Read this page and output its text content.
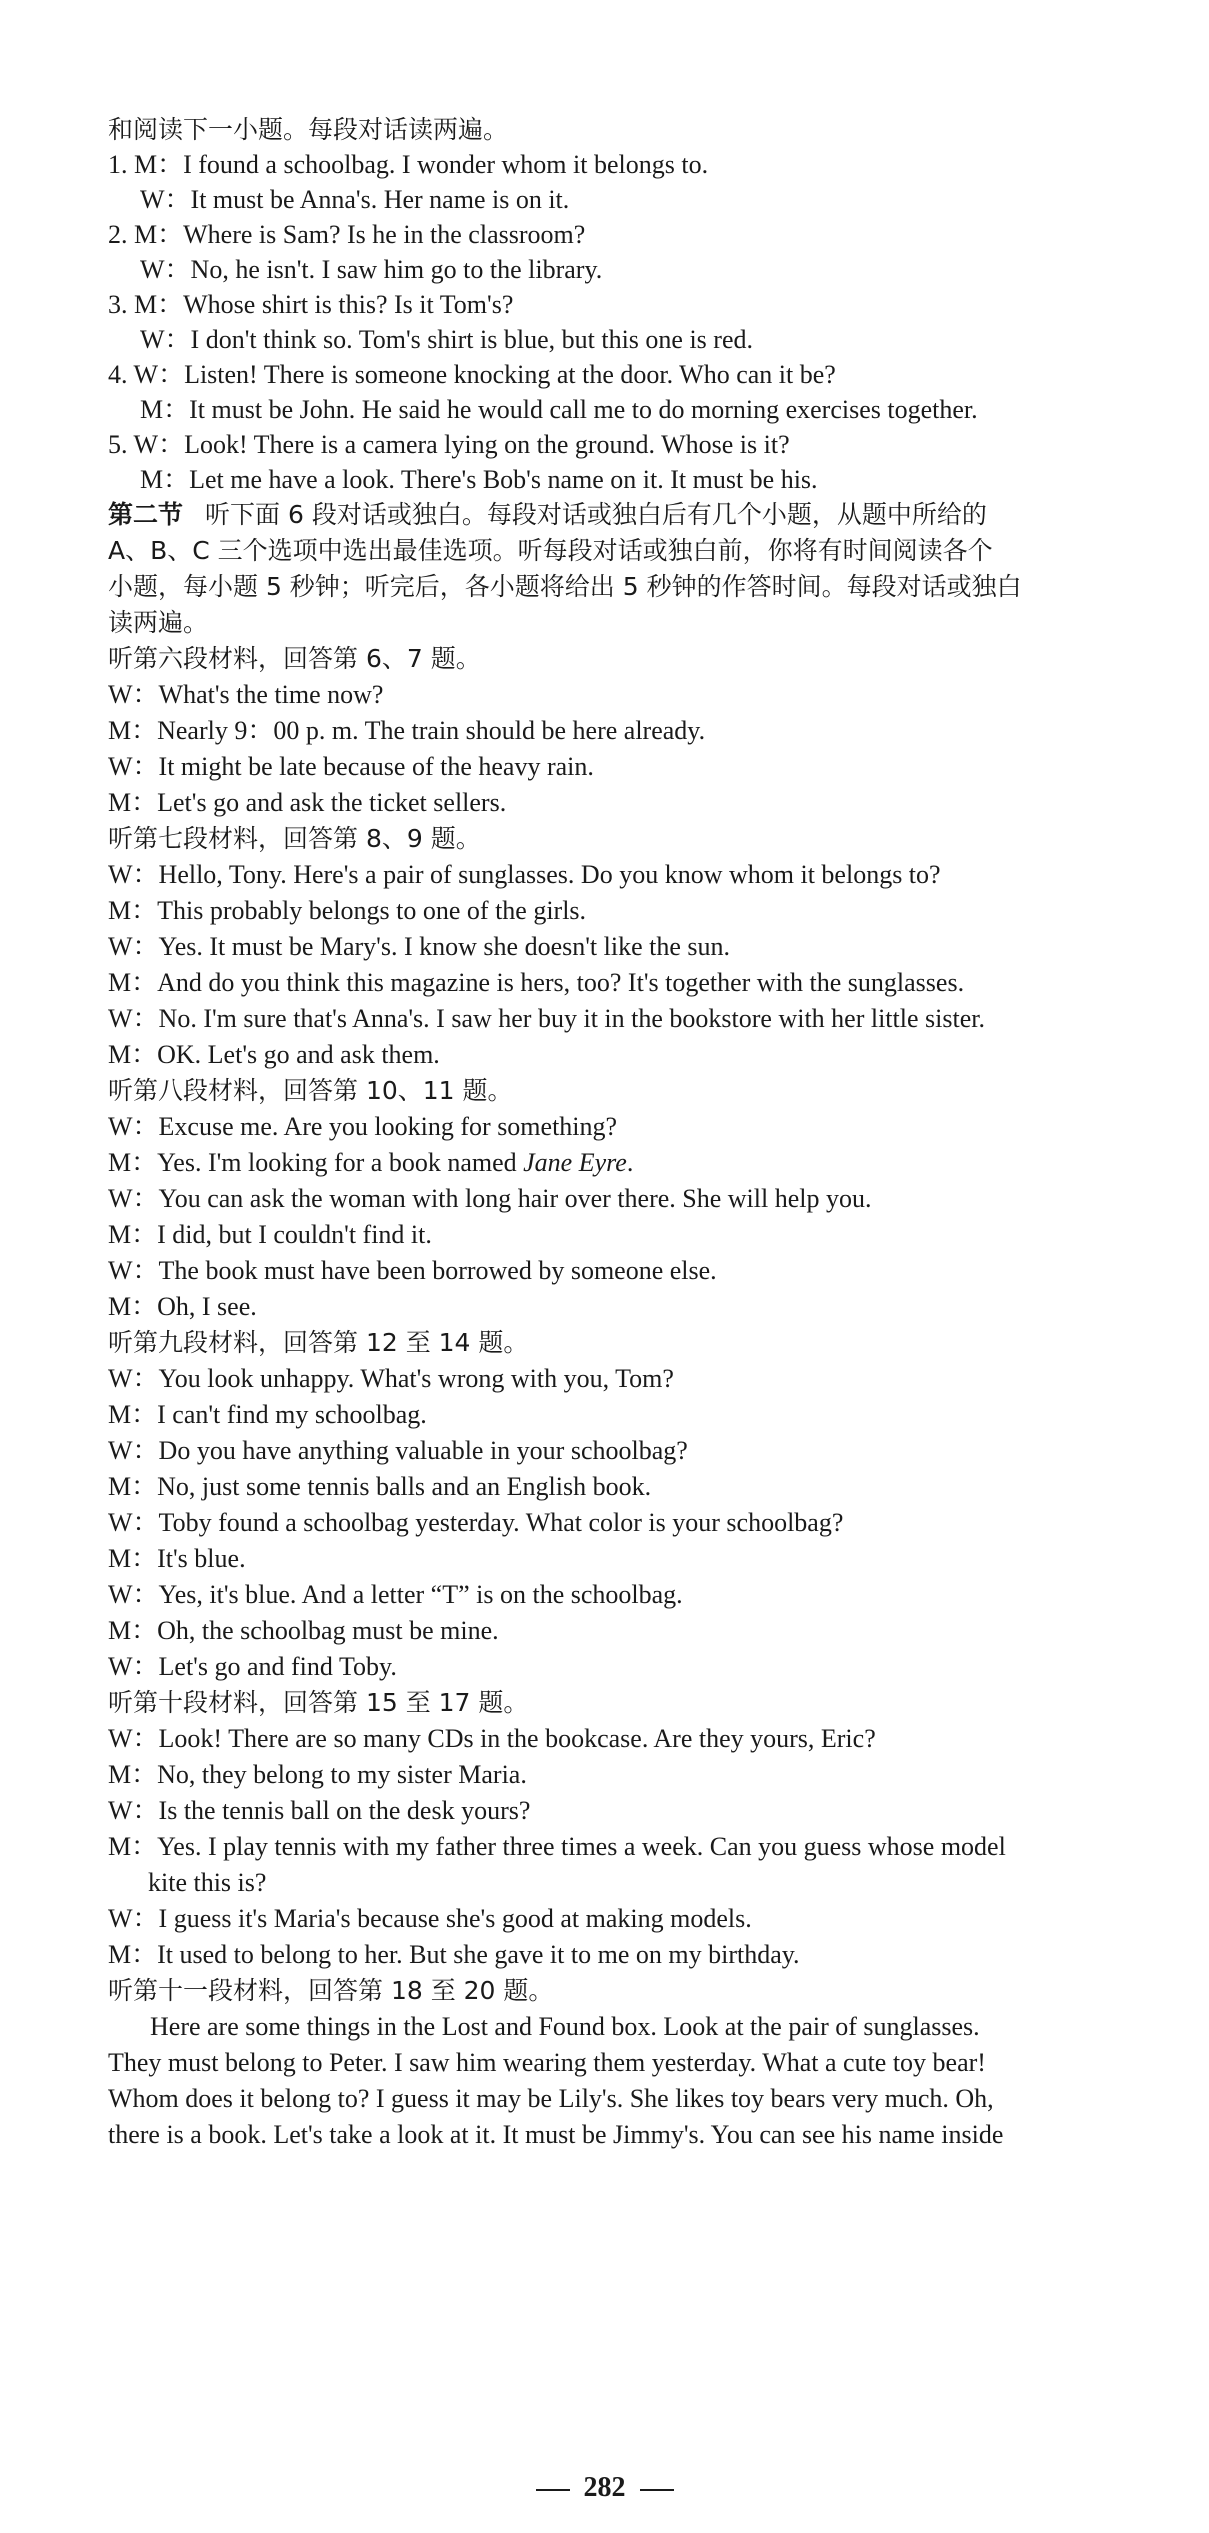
和阅读下一小题。每段对话读两遍。
1. M：I found a schoolbag. I wonder whom it belongs to.
W：It must be Anna's. Her name is on it.
2. M：Where is Sam? Is he in the classroom?
W：No, he isn't. I saw him go to the library.
3. M：Whose shirt is this? Is it Tom's?
W：I don't think so. Tom's shirt is blue, but this one is red.
4. W：Listen! There is someone knocking at the door. Who can it be?
M：It must be John. He said he would call me to do morning exercises together.
5. W：Look! There is a camera lying on the ground. Whose is it?
M：Let me have a look. There's Bob's name on it. It must be his.
第二节 听下面 6 段对话或独白。每段对话或独白后有几个小题，从题中所给的
A、B、C 三个选项中选出最佳选项。听每段对话或独白前，你将有时间阅读各个
小题，每小题 5 秒钟；听完后，各小题将给出 5 秒钟的作答时间。每段对话或独白
读两遍。
听第六段材料，回答第 6、7 题。
W：What's the time now?
M：Nearly 9：00 p. m. The train should be here already.
W：It might be late because of the heavy rain.
M：Let's go and ask the ticket sellers.
听第七段材料，回答第 8、9 题。
W：Hello, Tony. Here's a pair of sunglasses. Do you know whom it belongs to?
M：This probably belongs to one of the girls.
W：Yes. It must be Mary's. I know she doesn't like the sun.
M：And do you think this magazine is hers, too? It's together with the sunglasses.
W：No. I'm sure that's Anna's. I saw her buy it in the bookstore with her little sister.
M：OK. Let's go and ask them.
听第八段材料，回答第 10、11 题。
W：Excuse me. Are you looking for something?
M：Yes. I'm looking for a book named Jane Eyre.
W：You can ask the woman with long hair over there. She will help you.
M：I did, but I couldn't find it.
W：The book must have been borrowed by someone else.
M：Oh, I see.
听第九段材料，回答第 12 至 14 题。
W：You look unhappy. What's wrong with you, Tom?
M：I can't find my schoolbag.
W：Do you have anything valuable in your schoolbag?
M：No, just some tennis balls and an English book.
W：Toby found a schoolbag yesterday. What color is your schoolbag?
M：It's blue.
W：Yes, it's blue. And a letter “T” is on the schoolbag.
M：Oh, the schoolbag must be mine.
W：Let's go and find Toby.
听第十段材料，回答第 15 至 17 题。
W：Look! There are so many CDs in the bookcase. Are they yours, Eric?
M：No, they belong to my sister Maria.
W：Is the tennis ball on the desk yours?
M：Yes. I play tennis with my father three times a week. Can you guess whose model
kite this is?
W：I guess it's Maria's because she's good at making models.
M：It used to belong to her. But she gave it to me on my birthday.
听第十一段材料，回答第 18 至 20 题。
Here are some things in the Lost and Found box. Look at the pair of sunglasses.
They must belong to Peter. I saw him wearing them yesterday. What a cute toy bear!
Whom does it belong to? I guess it may be Lily's. She likes toy bears very much. Oh,
there is a book. Let's take a look at it. It must be Jimmy's. You can see his name inside
282
